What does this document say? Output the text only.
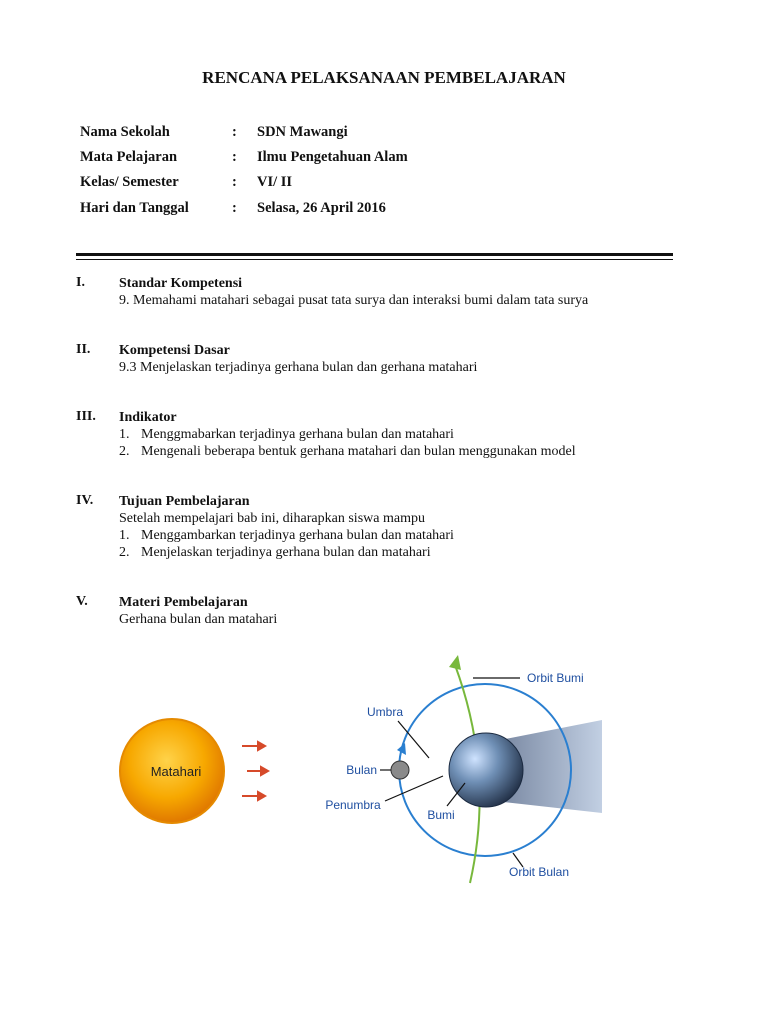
RENCANA PELAKSANAAN PEMBELAJARAN
Nama Sekolah	: SDN Mawangi
Mata Pelajaran	: Ilmu Pengetahuan Alam
Kelas/ Semester	: VI/ II
Hari dan Tanggal	: Selasa, 26 April 2016
I. Standar Kompetensi
9. Memahami matahari sebagai pusat tata surya dan interaksi bumi dalam tata surya
II. Kompetensi Dasar
9.3 Menjelaskan terjadinya gerhana bulan dan gerhana matahari
III. Indikator
1. Menggmabarkan terjadinya gerhana bulan dan matahari
2. Mengenali beberapa bentuk gerhana matahari dan bulan menggunakan model
IV. Tujuan Pembelajaran
Setelah mempelajari bab ini, diharapkan siswa mampu
1. Menggambarkan terjadinya gerhana bulan dan matahari
2. Menjelaskan terjadinya gerhana bulan dan matahari
V. Materi Pembelajaran
Gerhana bulan dan matahari
Matahari
Orbit Bumi
Umbra
Bulan
Penumbra
Bumi
Orbit Bulan
